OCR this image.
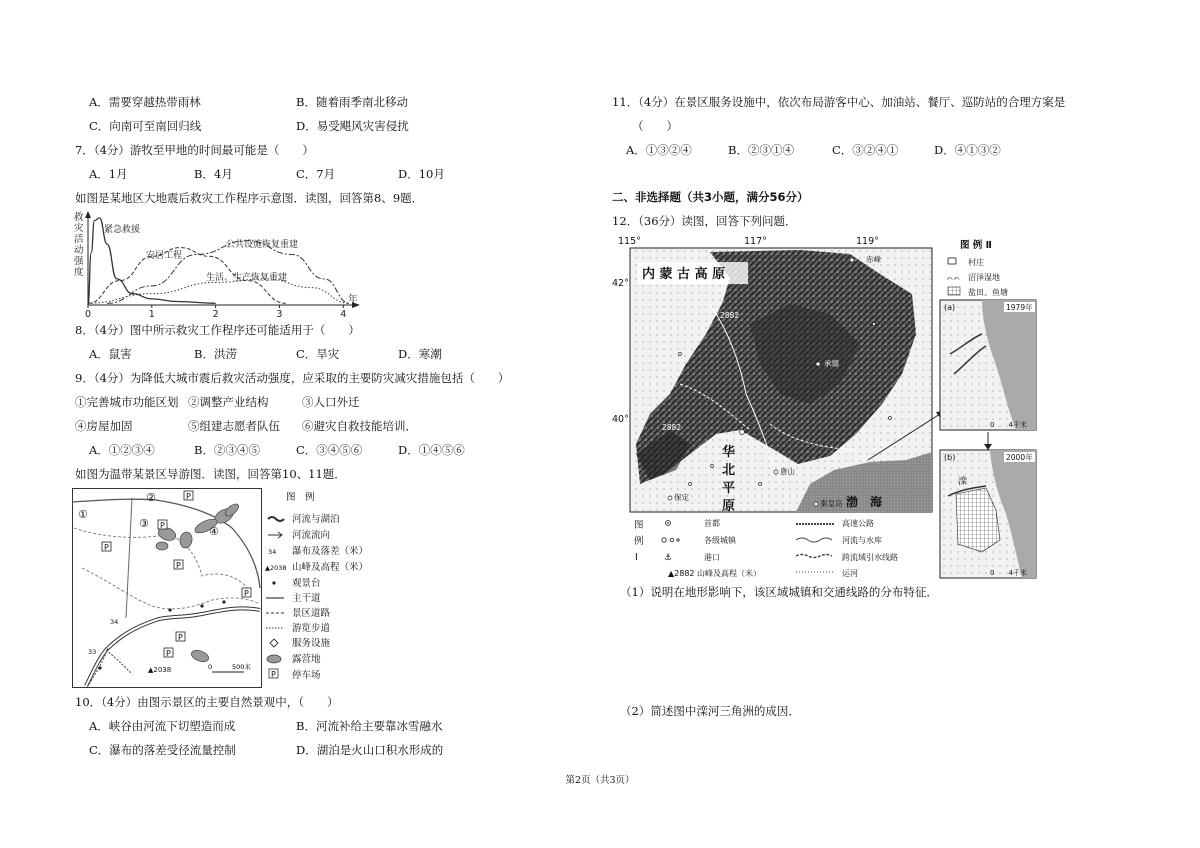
A．需要穿越热带雨林	B．随着雨季南北移动
C．向南可至南回归线	D．易受飓风灾害侵扰
7．（4分）游牧至甲地的时间最可能是（　　）
A．1月	B．4月	C．7月	D．10月
如图是某地区大地震后救灾工作程序示意图．读图，回答第8、9题．
救
灾
活
动
强
度
0	1	2	3	4
年
紧急救援
安居工程
公共设施恢复重建
生活、生产恢复重建
8．（4分）图中所示救灾工作程序还可能适用于（　　）
A．鼠害	B．洪涝	C．旱灾	D．寒潮
9．（4分）为降低大城市震后救灾活动强度，应采取的主要防灾减灾措施包括（　　）
①完善城市功能区划 ②调整产业结构	③人口外迁
④房屋加固	⑤组建志愿者队伍 ⑥避灾自救技能培训．
A．①②③④	B．②③④⑤	C．③④⑤⑥	D．①④⑤⑥
如图为温带某景区导游图．读图，回答第10、11题．
①
②
③
④
P
P
P
P
P
P
P
34
33
▲2038	0	500米
图　例
34
▲2038
P
河流与湖泊
河流流向
瀑布及落差（米）
山峰及高程（米）
观景台
主干道
景区道路
游览步道
服务设施
露营地
停车场
10．（4分）由图示景区的主要自然景观中，（　　）
A．峡谷由河流下切塑造而成	B．河流补给主要靠冰雪融水
C．瀑布的落差受径流量控制	D．湖泊是火山口积水形成的
11．（4分）在景区服务设施中，依次布局游客中心、加油站、餐厅、巡防站的合理方案是
（　　）
A．①③②④	B．②③①④	C．③②④①	D．④①③②
二、非选择题（共3小题，满分56分）
12．（36分）读图，回答下列问题．
115°	117°	119°
42°
40°
内 蒙 古 高 原
华
北
平
原	渤　海
2882
2882
承德
唐山
秦皇岛
保定
赤峰
图
例
Ⅰ
首都
各级城镇
⚓	港口
▲2882 山峰及高程（米）
高速公路
河流与水库
跨流域引水线路
运河
图 例 Ⅱ
村庄
ᨈᨈ 沼泽湿地
盐田、鱼塘
(a)	1979年
0　　4千米
(b)	2000年
滦
0　　4千米
（1）说明在地形影响下，该区域城镇和交通线路的分布特征．
（2）简述图中滦河三角洲的成因．
第2页（共3页）
